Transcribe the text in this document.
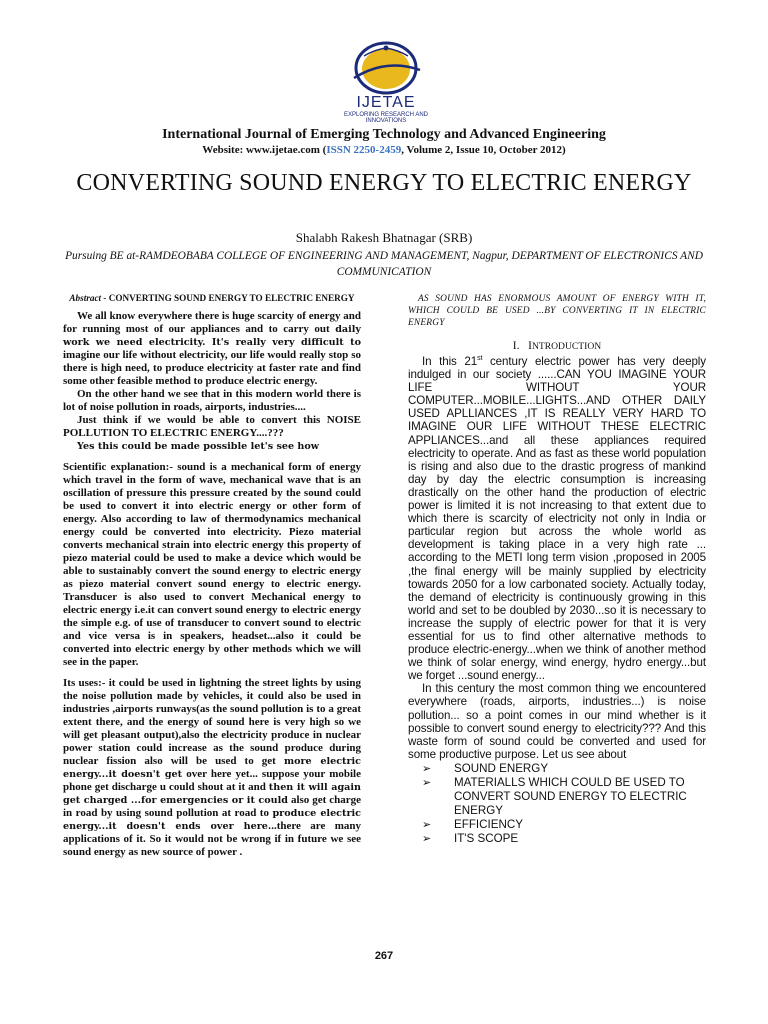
IJETAE
EXPLORING RESEARCH AND INNOVATIONS
International Journal of Emerging Technology and Advanced Engineering
Website: www.ijetae.com (ISSN 2250-2459, Volume 2, Issue 10, October 2012)
CONVERTING SOUND ENERGY TO ELECTRIC ENERGY
Shalabh Rakesh Bhatnagar (SRB)
Pursuing BE at-RAMDEOBABA COLLEGE OF ENGINEERING AND MANAGEMENT, Nagpur, DEPARTMENT OF ELECTRONICS AND COMMUNICATION
Abstract - CONVERTING SOUND ENERGY TO ELECTRIC ENERGY

We all know everywhere there is huge scarcity of energy and for running most of our appliances and to carry out daily work we need electricity. It's really very difficult to imagine our life without electricity, our life would really stop so there is high need, to produce electricity at faster rate and find some other feasible method to produce electric energy.

On the other hand we see that in this modern world there is lot of noise pollution in roads, airports, industries....

Just think if we would be able to convert this NOISE POLLUTION TO ELECTRIC ENERGY....???

Yes this could be made possible let's see how

Scientific explanation:- sound is a mechanical form of energy which travel in the form of wave, mechanical wave that is an oscillation of pressure this pressure created by the sound could be used to convert it into electric energy or other form of energy. Also according to law of thermodynamics mechanical energy could be converted into electricity. Piezo material converts mechanical strain into electric energy this property of piezo material could be used to make a device which would be able to sustainably convert the sound energy to electric energy as piezo material convert sound energy to electric energy. Transducer is also used to convert Mechanical energy to electric energy i.e.it can convert sound energy to electric energy the simple e.g. of use of transducer to convert sound to electric and vice versa is in speakers, headset...also it could be converted into electric energy by other methods which we will see in the paper.

Its uses:- it could be used in lightning the street lights by using the noise pollution made by vehicles, it could also be used in industries ,airports runways(as the sound pollution is to a great extent there, and the energy of sound here is very high so we will get pleasant output),also the electricity produce in nuclear power station could increase as the sound produce during nuclear fission also will be used to get more electric energy...it doesn't get over here yet... suppose your mobile phone get discharge u could shout at it and then it will again get charged ...for emergencies or it could also get charge in road by using sound pollution at road to produce electric energy...it doesn't ends over here...there are many applications of it. So it would not be wrong if in future we see sound energy as new source of power .

AS SOUND HAS ENORMOUS AMOUNT OF ENERGY WITH IT, WHICH COULD BE USED ...BY CONVERTING IT IN ELECTRIC ENERGY

I. INTRODUCTION

In this 21st century electric power has very deeply indulged in our society ......CAN YOU IMAGINE YOUR LIFE WITHOUT YOUR COMPUTER...MOBILE...LIGHTS...AND OTHER DAILY USED APLLIANCES ,IT IS REALLY VERY HARD TO IMAGINE OUR LIFE WITHOUT THESE ELECTRIC APPLIANCES...and all these appliances required electricity to operate. And as fast as these world population is rising and also due to the drastic progress of mankind day by day the electric consumption is increasing drastically on the other hand the production of electric power is limited it is not increasing to that extent due to which there is scarcity of electricity not only in India or particular region but across the whole world as development is taking place in a very high rate ... according to the METI long term vision ,proposed in 2005 ,the final energy will be mainly supplied by electricity towards 2050 for a low carbonated society. Actually today, the demand of electricity is continuously growing in this world and set to be doubled by 2030...so it is necessary to increase the supply of electric power for that it is very essential for us to find other alternative methods to produce electric-energy...when we think of another method we think of solar energy, wind energy, hydro energy...but we forget ...sound energy...

In this century the most common thing we encountered everywhere (roads, airports, industries...) is noise pollution... so a point comes in our mind whether is it possible to convert sound energy to electricity??? And this waste form of sound could be converted and used for some productive purpose. Let us see about

➢ SOUND ENERGY
➢ MATERIALLS WHICH COULD BE USED TO CONVERT SOUND ENERGY TO ELECTRIC ENERGY
➢ EFFICIENCY
➢ IT'S SCOPE
267
